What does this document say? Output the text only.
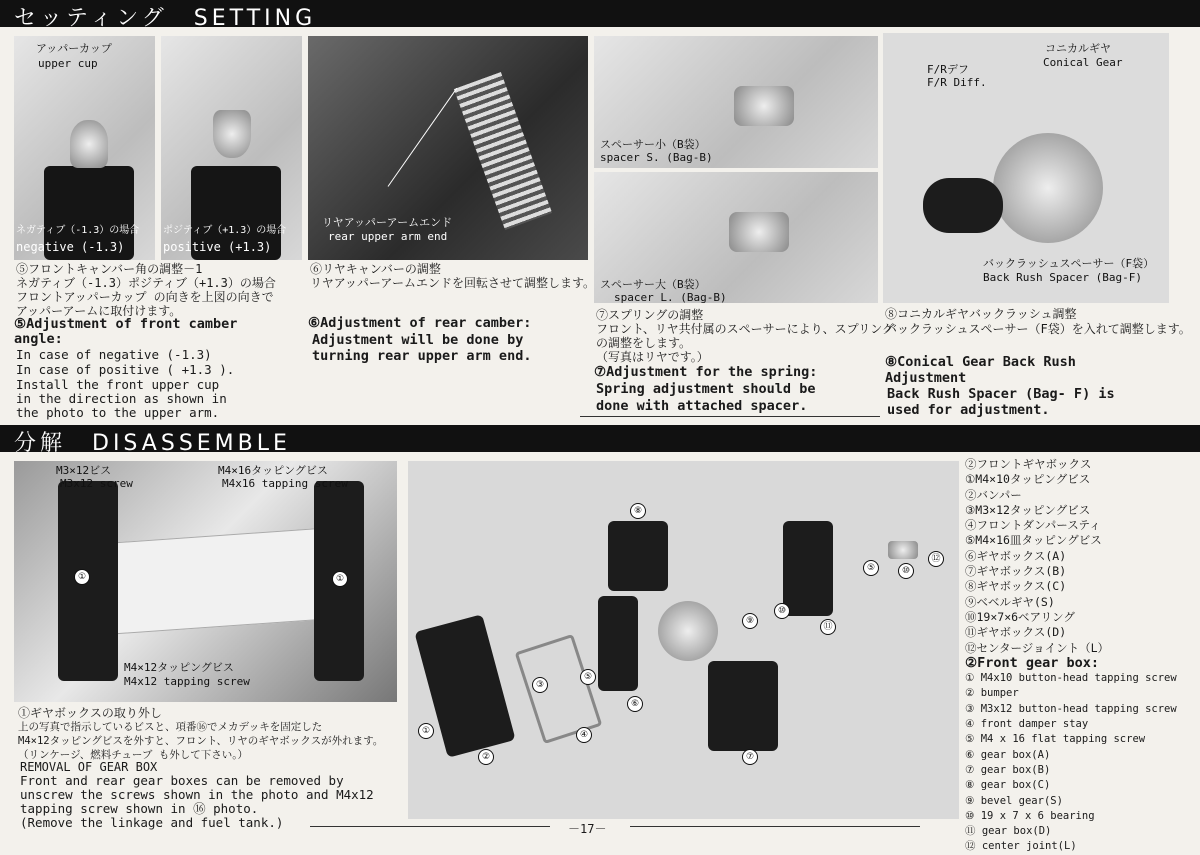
セッティング　SETTING
分解　DISASSEMBLE
アッパーカップ
upper cup
ネガティブ（-1.3）の場合
negative (-1.3)
ポジティブ（+1.3）の場合
positive (+1.3)
リヤアッパーアームエンド
rear upper arm end
スペーサー小（B袋）
spacer S. (Bag-B)
スペーサー大（B袋）
spacer L. (Bag-B)
コニカルギヤ
Conical Gear
F/Rデフ
F/R Diff.
バックラッシュスペーサー（F袋）
Back Rush Spacer (Bag-F)
⑤フロントキャンバー角の調整－1
ネガティブ（-1.3）ポジティブ（+1.3）の場合
フロントアッパーカップ の向きを上図の向きで
アッパーアームに取付けます。
⑤Adjustment of front camber
angle:
In case of negative (-1.3)
In case of positive ( +1.3 ).
Install the front upper cup
in the direction as shown in
the photo to the upper arm.
⑥リヤキャンバーの調整
リヤアッパーアームエンドを回転させて調整します。
⑥Adjustment of rear camber:
Adjustment will be done by
turning rear upper arm end.
⑦スプリングの調整
フロント、リヤ共付属のスペーサーにより、スプリング
の調整をします。
（写真はリヤです。）
⑦Adjustment for the spring:
Spring adjustment should be
done with attached spacer.
⑧コニカルギヤバックラッシュ調整
バックラッシュスペーサー（F袋）を入れて調整します。
⑧Conical Gear Back Rush
Adjustment
Back Rush Spacer (Bag- F) is
used for adjustment.
①	①
M3×12ビス
M3x12 screw
M4×16タッピングビス
M4x16 tapping screw
M4×12タッピングビス
M4x12 tapping screw
①
②
③
④
⑤
⑥
⑦
⑧
⑨
⑩
⑩
⑪
⑤
⑫
①ギヤボックスの取り外し
上の写真で指示しているビスと、項番⑯でメカデッキを固定した
M4×12タッピングビスを外すと、フロント、リヤのギヤボックスが外れます。
（リンケージ、燃料チューブ も外して下さい。）
REMOVAL OF GEAR BOX
Front and rear gear boxes can be removed by
unscrew the screws shown in the photo and M4x12
tapping screw shown in ⑯ photo.
(Remove the linkage and fuel tank.)
②フロントギヤボックス
①M4×10タッピングビス
②バンパー
③M3×12タッピングビス
④フロントダンパースティ
⑤M4×16皿タッピングビス
⑥ギヤボックス(A)
⑦ギヤボックス(B)
⑧ギヤボックス(C)
⑨ベベルギヤ(S)
⑩19×7×6ベアリング
⑪ギヤボックス(D)
⑫センタージョイント（L）
②Front gear box:
① M4x10 button-head tapping screw
② bumper
③ M3x12 button-head tapping screw
④ front damper stay
⑤ M4 x 16 flat tapping screw
⑥ gear box(A)
⑦ gear box(B)
⑧ gear box(C)
⑨ bevel gear(S)
⑩ 19 x 7 x 6 bearing
⑪ gear box(D)
⑫ center joint(L)
－17－
